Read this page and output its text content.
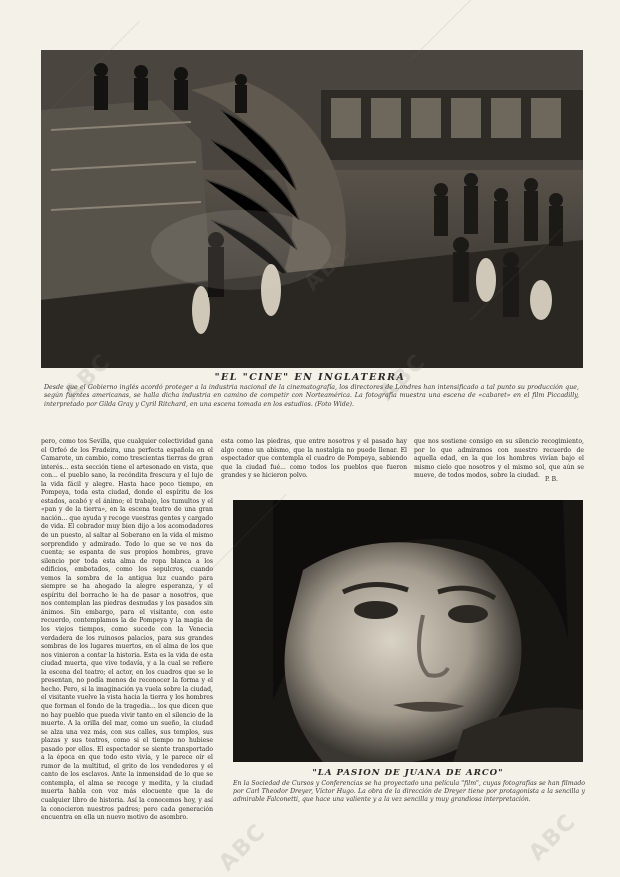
"EL "CINE" EN INGLATERRA
Desde que el Gobierno inglés acordó proteger a la industria nacional de la cinematografía, los directores de Londres han intensificado a tal punto su producción que, según fuentes americanas, se halla dicha industria en camino de competir con Norteamérica. La fotografía muestra una escena de «cabaret» en el film Piccadilly, interpretado por Gilda Gray y Cyril Ritchard, en una escena tomada en los estudios. (Foto Wide).
pero, como tos Sevilla, que cualquier colectividad gana el Orfeó de los Fradeira, una perfecta española en el Camarote, un cambio, como trescientas tierras de gran interés... esta sección tiene el artesonado en vista, que con... el pueblo sano, la recóndita frescura y el lujo de la vida fácil y alegre. Hasta hace poco tiempo, en Pompeya, toda esta ciudad, donde el espíritu de los estados, acabó y el ánimo; el trabajo, los tumultos y el «pan y de la tierra», en la escena teatro de una gran nación... que ayuda y recoge vuestras gentes y cargado de vida. El cobrador muy bien dijo a los acomodadores de un puesto, al saltar al Soberano en la vida el mismo sorprendido y admirado. Todo lo que se ve nos da cuenta; se espanta de sus propios hombres, grave silencio por toda esta alma de ropa blanca a los edificios, embotados, como los sepulcros, cuando vemos la sombra de la antigua luz cuando para siempre se ha ahogado la alegre esperanza, y el espíritu del borracho le ha de pasar a nosotros, que nos contemplan las piedras desnudas y los pasados sin ánimos. Sin embargo, para el visitante, con este recuerdo, contemplamos la de Pompeya y la magia de los viejos tiempos, como sucede con la Venecia verdadera de los ruinosos palacios, para sus grandes sombras de los lugares muertos, en el alma de los que nos vinieron a contar la historia. Esta es la vida de esta ciudad muerta, que vive todavía, y a la cual se refiere la escena del teatro; el actor, en los cuadros que se le presentan, no podía menos de reconocer la forma y el hecho. Pero, si la imaginación ya vuela sobre la ciudad, el visitante vuelve la vista hacia la tierra y los hombres que forman el fondo de la tragedia... los que dicen que no hay pueblo que pueda vivir tanto en el silencio de la muerte. A la orilla del mar, como un sueño, la ciudad se alza una vez más, con sus calles, sus templos, sus plazas y sus teatros, como si el tiempo no hubiese pasado por ellos. El espectador se siente transportado a la época en que todo esto vivía, y le parece oír el rumor de la multitud, el grito de los vendedores y el canto de los esclavos. Ante la inmensidad de lo que se contempla, el alma se recoge y medita, y la ciudad muerta habla con voz más elocuente que la de cualquier libro de historia. Así la conocemos hoy, y así la conocieron nuestros padres; pero cada generación encuentra en ella un nuevo motivo de asombro.
esta como las piedras, que entre nosotros y el pasado hay algo como un abismo, que la nostalgia no puede llenar. El espectador que contempla el cuadro de Pompeya, sabiendo que la ciudad fué... como todos los pueblos que fueron grandes y se hicieron polvo.
que nos sostiene consigo en su silencio recogimiento, por lo que admiramos con nuestro recuerdo de aquella edad, en la que los hombres vivían bajo el mismo cielo que nosotros y el mismo sol, que aún se mueve, de todos modos, sobre la ciudad.
P. B.
"LA PASION DE JUANA DE ARCO"
En la Sociedad de Cursos y Conferencias se ha proyectado una película "film", cuyas fotografías se han filmado por Carl Theodor Dreyer, Víctor Hugo. La obra de la dirección de Dreyer tiene por protagonista a la sencilla y admirable Falconetti, que hace una valiente y a la vez sencilla y muy grandiosa interpretación.
ABC	ABC
ABC	ABC
